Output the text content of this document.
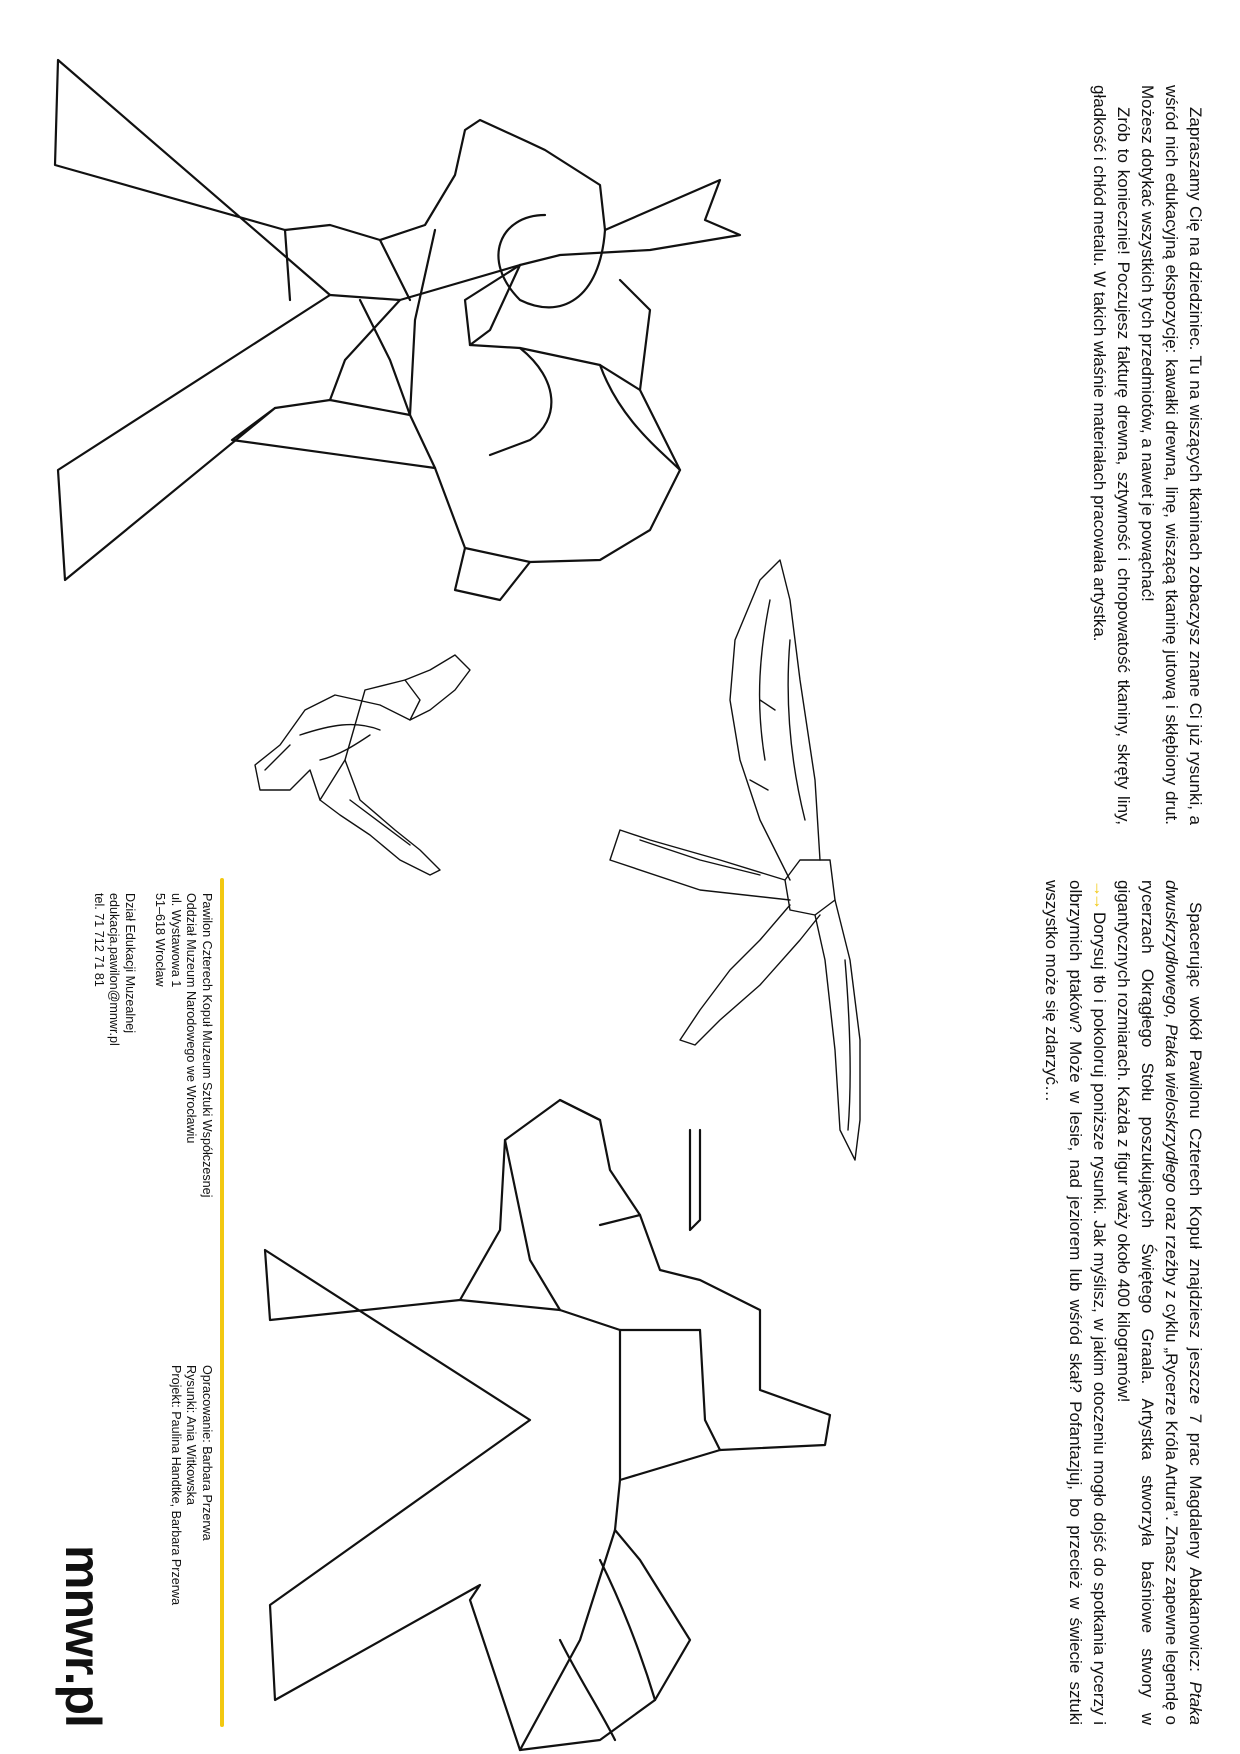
Zapraszamy Cię na dziedziniec. Tu na wiszących tkaninach zobaczysz znane Ci już rysunki, a wśród nich edukacyjną ekspozycję: kawałki drewna, linę, wiszącą tkaninę jutową i skłębiony drut. Możesz dotykać wszystkich tych przedmiotów, a nawet je powąchać!

Zrób to koniecznie! Poczujesz fakturę drewna, sztywność i chropowatość tkaniny, skręty liny, gładkość i chłód metalu. W takich właśnie materiałach pracowała artystka.

Spacerując wokół Pawilonu Czterech Kopuł znajdziesz jeszcze 7 prac Magdaleny Abakanowicz: Ptaka dwuskrzydłowego, Ptaka wieloskrzydłego oraz rzeźby z cyklu „Rycerze Króla Artura”. Znasz zapewne legendę o rycerzach Okrągłego Stołu poszukujących Świętego Graala. Artystka stworzyła baśniowe stwory w gigantycznych rozmiarach. Każda z figur waży około 400 kilogramów!

→→Dorysuj tło i pokoloruj poniższe rysunki. Jak myślisz, w jakim otoczeniu mogło dojść do spotkania rycerzy i olbrzymich ptaków? Może w lesie, nad jeziorem lub wśród skał? Pofantazjuj, bo przecież w świecie sztuki wszystko może się zdarzyć…

Pawilon Czterech Kopuł Muzeum Sztuki Współczesnej
Oddział Muzeum Narodowego we Wrocławiu
ul. Wystawowa 1
51–618 Wrocław
Dział Edukacji Muzealnej
edukacja.pawilon@mnwr.pl
tel. 71 712 71 81
Opracowanie: Barbara Przerwa
Rysunki: Ania Witkowska
Projekt: Paulina Handtke, Barbara Przerwa
mnwr.pl
